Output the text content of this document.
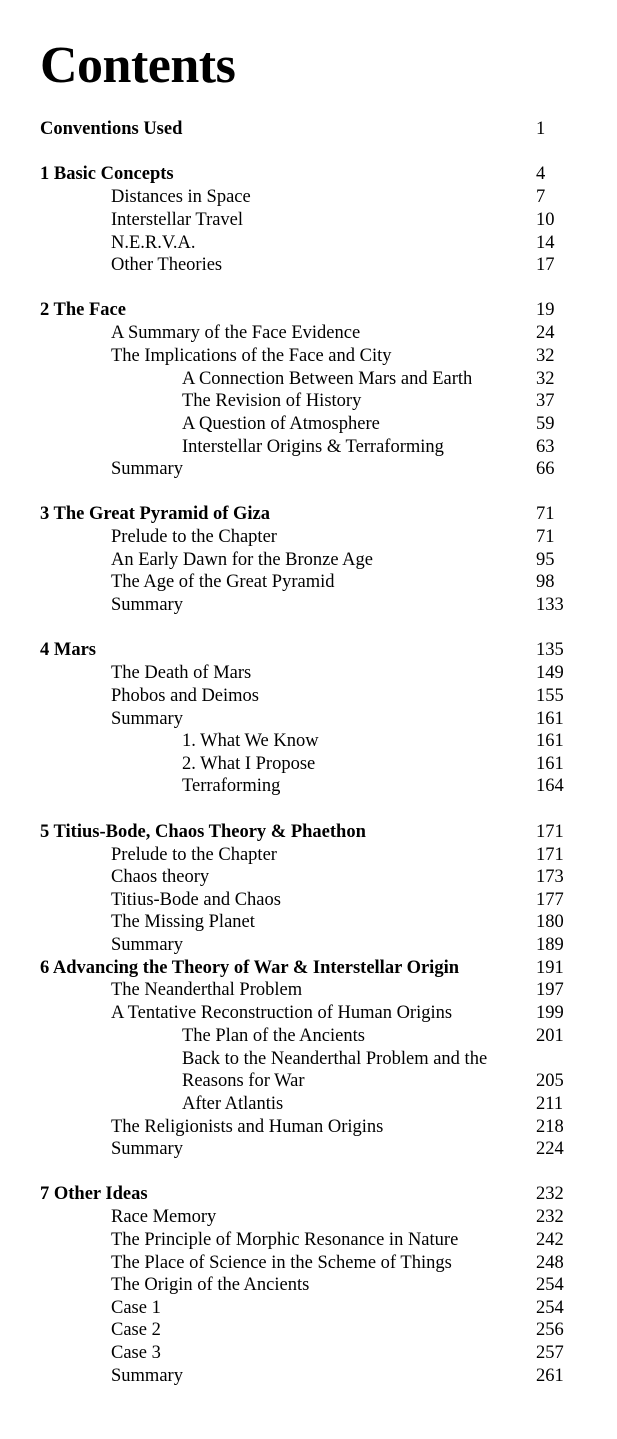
Contents
Conventions Used	1
1 Basic Concepts	4
Distances in Space	7
Interstellar Travel	10
N.E.R.V.A.	14
Other Theories	17
2 The Face	19
A Summary of the Face Evidence	24
The Implications of the Face and City	32
A Connection Between Mars and Earth	32
The Revision of History	37
A Question of Atmosphere	59
Interstellar Origins & Terraforming	63
Summary	66
3 The Great Pyramid of Giza	71
Prelude to the Chapter	71
An Early Dawn for the Bronze Age	95
The Age of the Great Pyramid	98
Summary	133
4 Mars	135
The Death of Mars	149
Phobos and Deimos	155
Summary	161
1. What We Know	161
2. What I Propose	161
Terraforming	164
5 Titius-Bode, Chaos Theory & Phaethon	171
Prelude to the Chapter	171
Chaos theory	173
Titius-Bode and Chaos	177
The Missing Planet	180
Summary	189
6 Advancing the Theory of War & Interstellar Origin	191
The Neanderthal Problem	197
A Tentative Reconstruction of Human Origins	199
The Plan of the Ancients	201
Back to the Neanderthal Problem and the
Reasons for War	205
After Atlantis	211
The Religionists and Human Origins	218
Summary	224
7 Other Ideas	232
Race Memory	232
The Principle of Morphic Resonance in Nature	242
The Place of Science in the Scheme of Things	248
The Origin of the Ancients	254
Case 1	254
Case 2	256
Case 3	257
Summary	261
